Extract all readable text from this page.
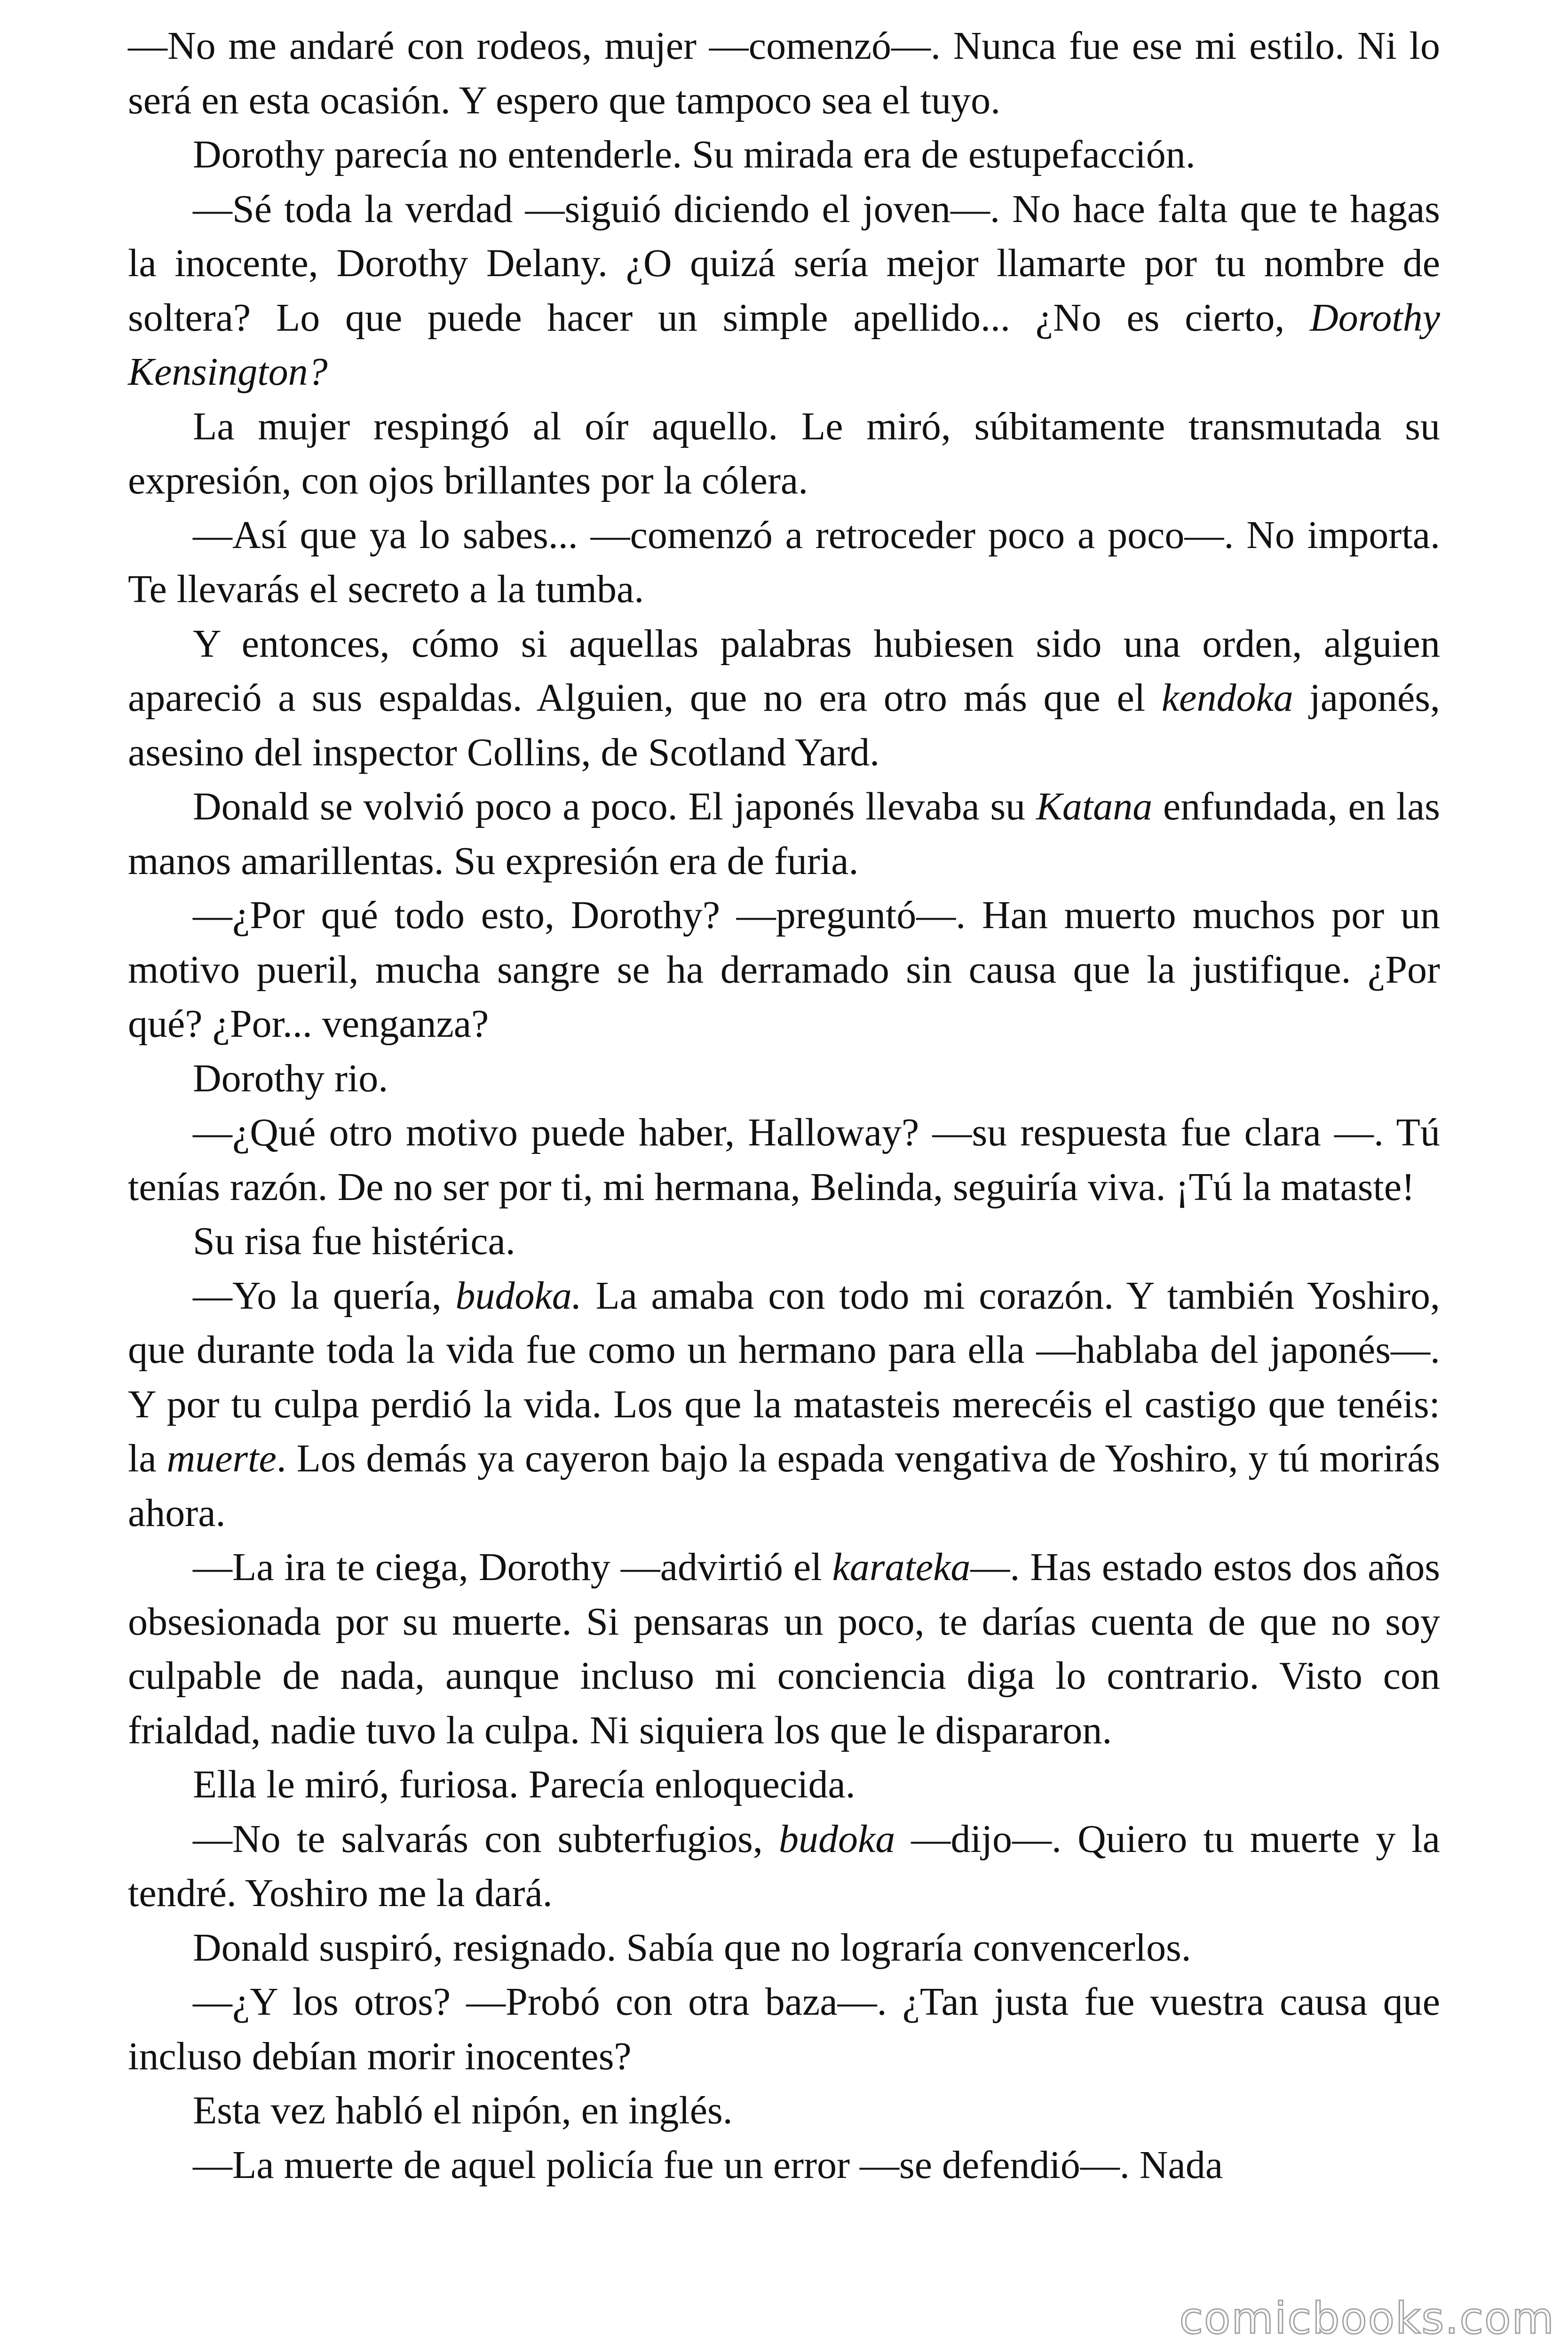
—No me andaré con rodeos, mujer —comenzó—. Nunca fue ese mi estilo. Ni lo será en esta ocasión. Y espero que tampoco sea el tuyo.

Dorothy parecía no entenderle. Su mirada era de estupefacción.

—Sé toda la verdad —siguió diciendo el joven—. No hace falta que te hagas la inocente, Dorothy Delany. ¿O quizá sería mejor llamarte por tu nombre de soltera? Lo que puede hacer un simple apellido... ¿No es cierto, Dorothy Kensington?

La mujer respingó al oír aquello. Le miró, súbitamente transmutada su expresión, con ojos brillantes por la cólera.

—Así que ya lo sabes... —comenzó a retroceder poco a poco—. No importa. Te llevarás el secreto a la tumba.

Y entonces, cómo si aquellas palabras hubiesen sido una orden, alguien apareció a sus espaldas. Alguien, que no era otro más que el kendoka japonés, asesino del inspector Collins, de Scotland Yard.

Donald se volvió poco a poco. El japonés llevaba su Katana enfundada, en las manos amarillentas. Su expresión era de furia.

—¿Por qué todo esto, Dorothy? —preguntó—. Han muerto muchos por un motivo pueril, mucha sangre se ha derramado sin causa que la justifique. ¿Por qué? ¿Por... venganza?

Dorothy rio.

—¿Qué otro motivo puede haber, Halloway? —su respuesta fue clara —. Tú tenías razón. De no ser por ti, mi hermana, Belinda, seguiría viva. ¡Tú la mataste!

Su risa fue histérica.

—Yo la quería, budoka. La amaba con todo mi corazón. Y también Yoshiro, que durante toda la vida fue como un hermano para ella —hablaba del japonés—. Y por tu culpa perdió la vida. Los que la matasteis merecéis el castigo que tenéis: la muerte. Los demás ya cayeron bajo la espada vengativa de Yoshiro, y tú morirás ahora.

—La ira te ciega, Dorothy —advirtió el karateka—. Has estado estos dos años obsesionada por su muerte. Si pensaras un poco, te darías cuenta de que no soy culpable de nada, aunque incluso mi conciencia diga lo contrario. Visto con frialdad, nadie tuvo la culpa. Ni siquiera los que le dispararon.

Ella le miró, furiosa. Parecía enloquecida.

—No te salvarás con subterfugios, budoka —dijo—. Quiero tu muerte y la tendré. Yoshiro me la dará.

Donald suspiró, resignado. Sabía que no lograría convencerlos.

—¿Y los otros? —Probó con otra baza—. ¿Tan justa fue vuestra causa que incluso debían morir inocentes?

Esta vez habló el nipón, en inglés.

—La muerte de aquel policía fue un error —se defendió—. Nada

comicbooks.com
